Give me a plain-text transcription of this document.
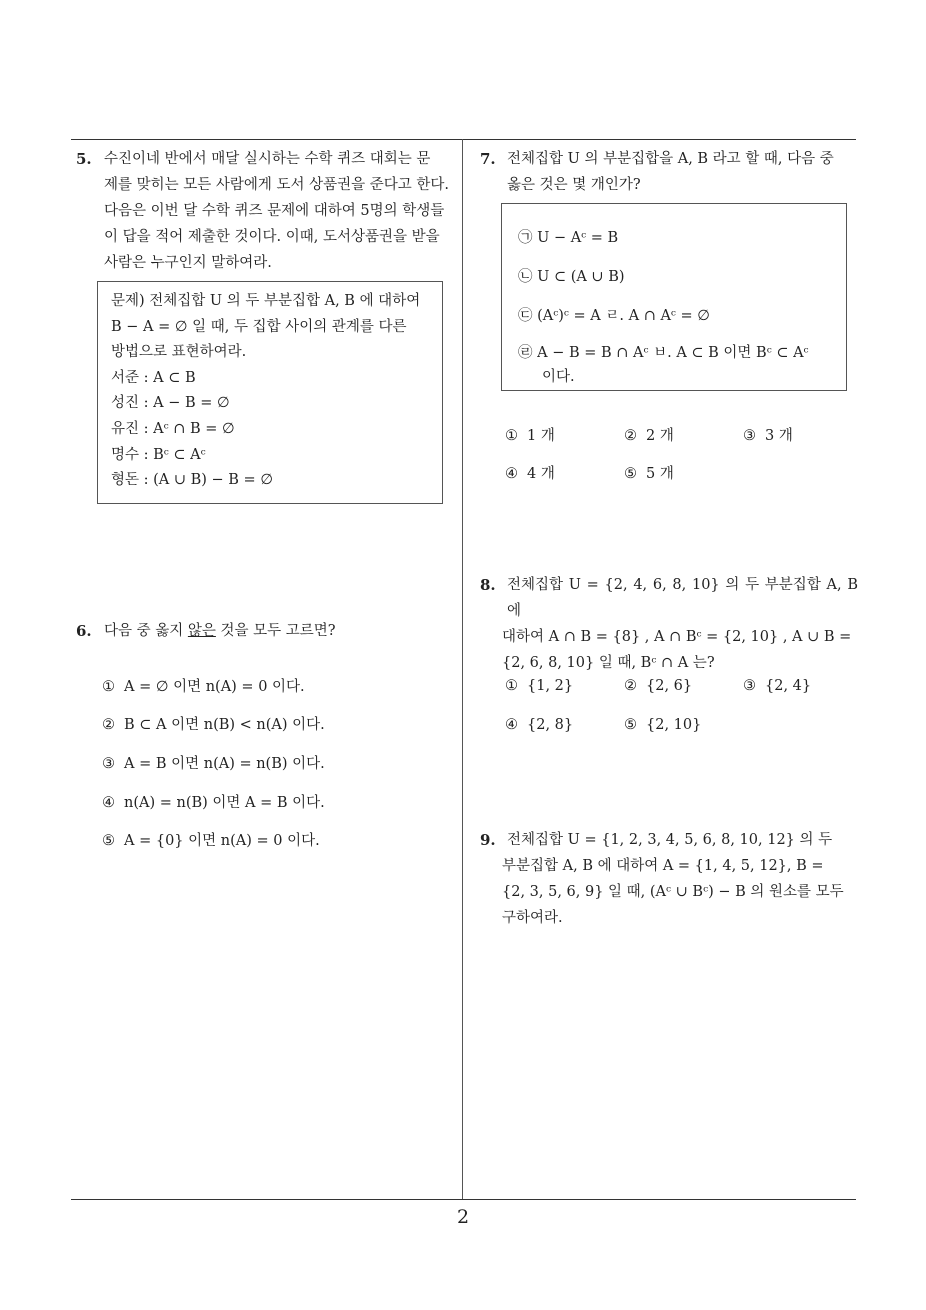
5. 수진이네 반에서 매달 실시하는 수학 퀴즈 대회는 문
제를 맞히는 모든 사람에게 도서 상품권을 준다고 한다.
다음은 이번 달 수학 퀴즈 문제에 대하여 5명의 학생들
이 답을 적어 제출한 것이다. 이때, 도서상품권을 받을
사람은 누구인지 말하여라.
문제) 전체집합 U 의 두 부분집합 A, B 에 대하여
B − A = ∅ 일 때, 두 집합 사이의 관계를 다른
방법으로 표현하여라.
서준 : A ⊂ B
성진 : A − B = ∅
유진 : Aᶜ ∩ B = ∅
명수 : Bᶜ ⊂ Aᶜ
형돈 : (A ∪ B) − B = ∅
6. 다음 중 옳지 않은 것을 모두 고르면?
① A = ∅ 이면 n(A) = 0 이다.
② B ⊂ A 이면 n(B) < n(A) 이다.
③ A = B 이면 n(A) = n(B) 이다.
④ n(A) = n(B) 이면 A = B 이다.
⑤ A = {0} 이면 n(A) = 0 이다.
7. 전체집합 U 의 부분집합을 A, B 라고 할 때, 다음 중
옳은 것은 몇 개인가?
㉠ U − Aᶜ = B
㉡ U ⊂ (A ∪ B)
㉢ (Aᶜ)ᶜ = A ㄹ. A ∩ Aᶜ = ∅
㉣ A − B = B ∩ Aᶜ ㅂ. A ⊂ B 이면 Bᶜ ⊂ Aᶜ
이다.
① 1 개	② 2 개	③ 3 개
④ 4 개	⑤ 5 개
8. 전체집합 U = {2, 4, 6, 8, 10} 의 두 부분집합 A, B 에
대하여 A ∩ B = {8} , A ∩ Bᶜ = {2, 10} , A ∪ B =
{2, 6, 8, 10} 일 때, Bᶜ ∩ A 는?
① {1, 2}	② {2, 6}	③ {2, 4}
④ {2, 8}	⑤ {2, 10}
9. 전체집합 U = {1, 2, 3, 4, 5, 6, 8, 10, 12} 의 두
부분집합 A, B 에 대하여 A = {1, 4, 5, 12}, B =
{2, 3, 5, 6, 9} 일 때, (Aᶜ ∪ Bᶜ) − B 의 원소를 모두
구하여라.
2
